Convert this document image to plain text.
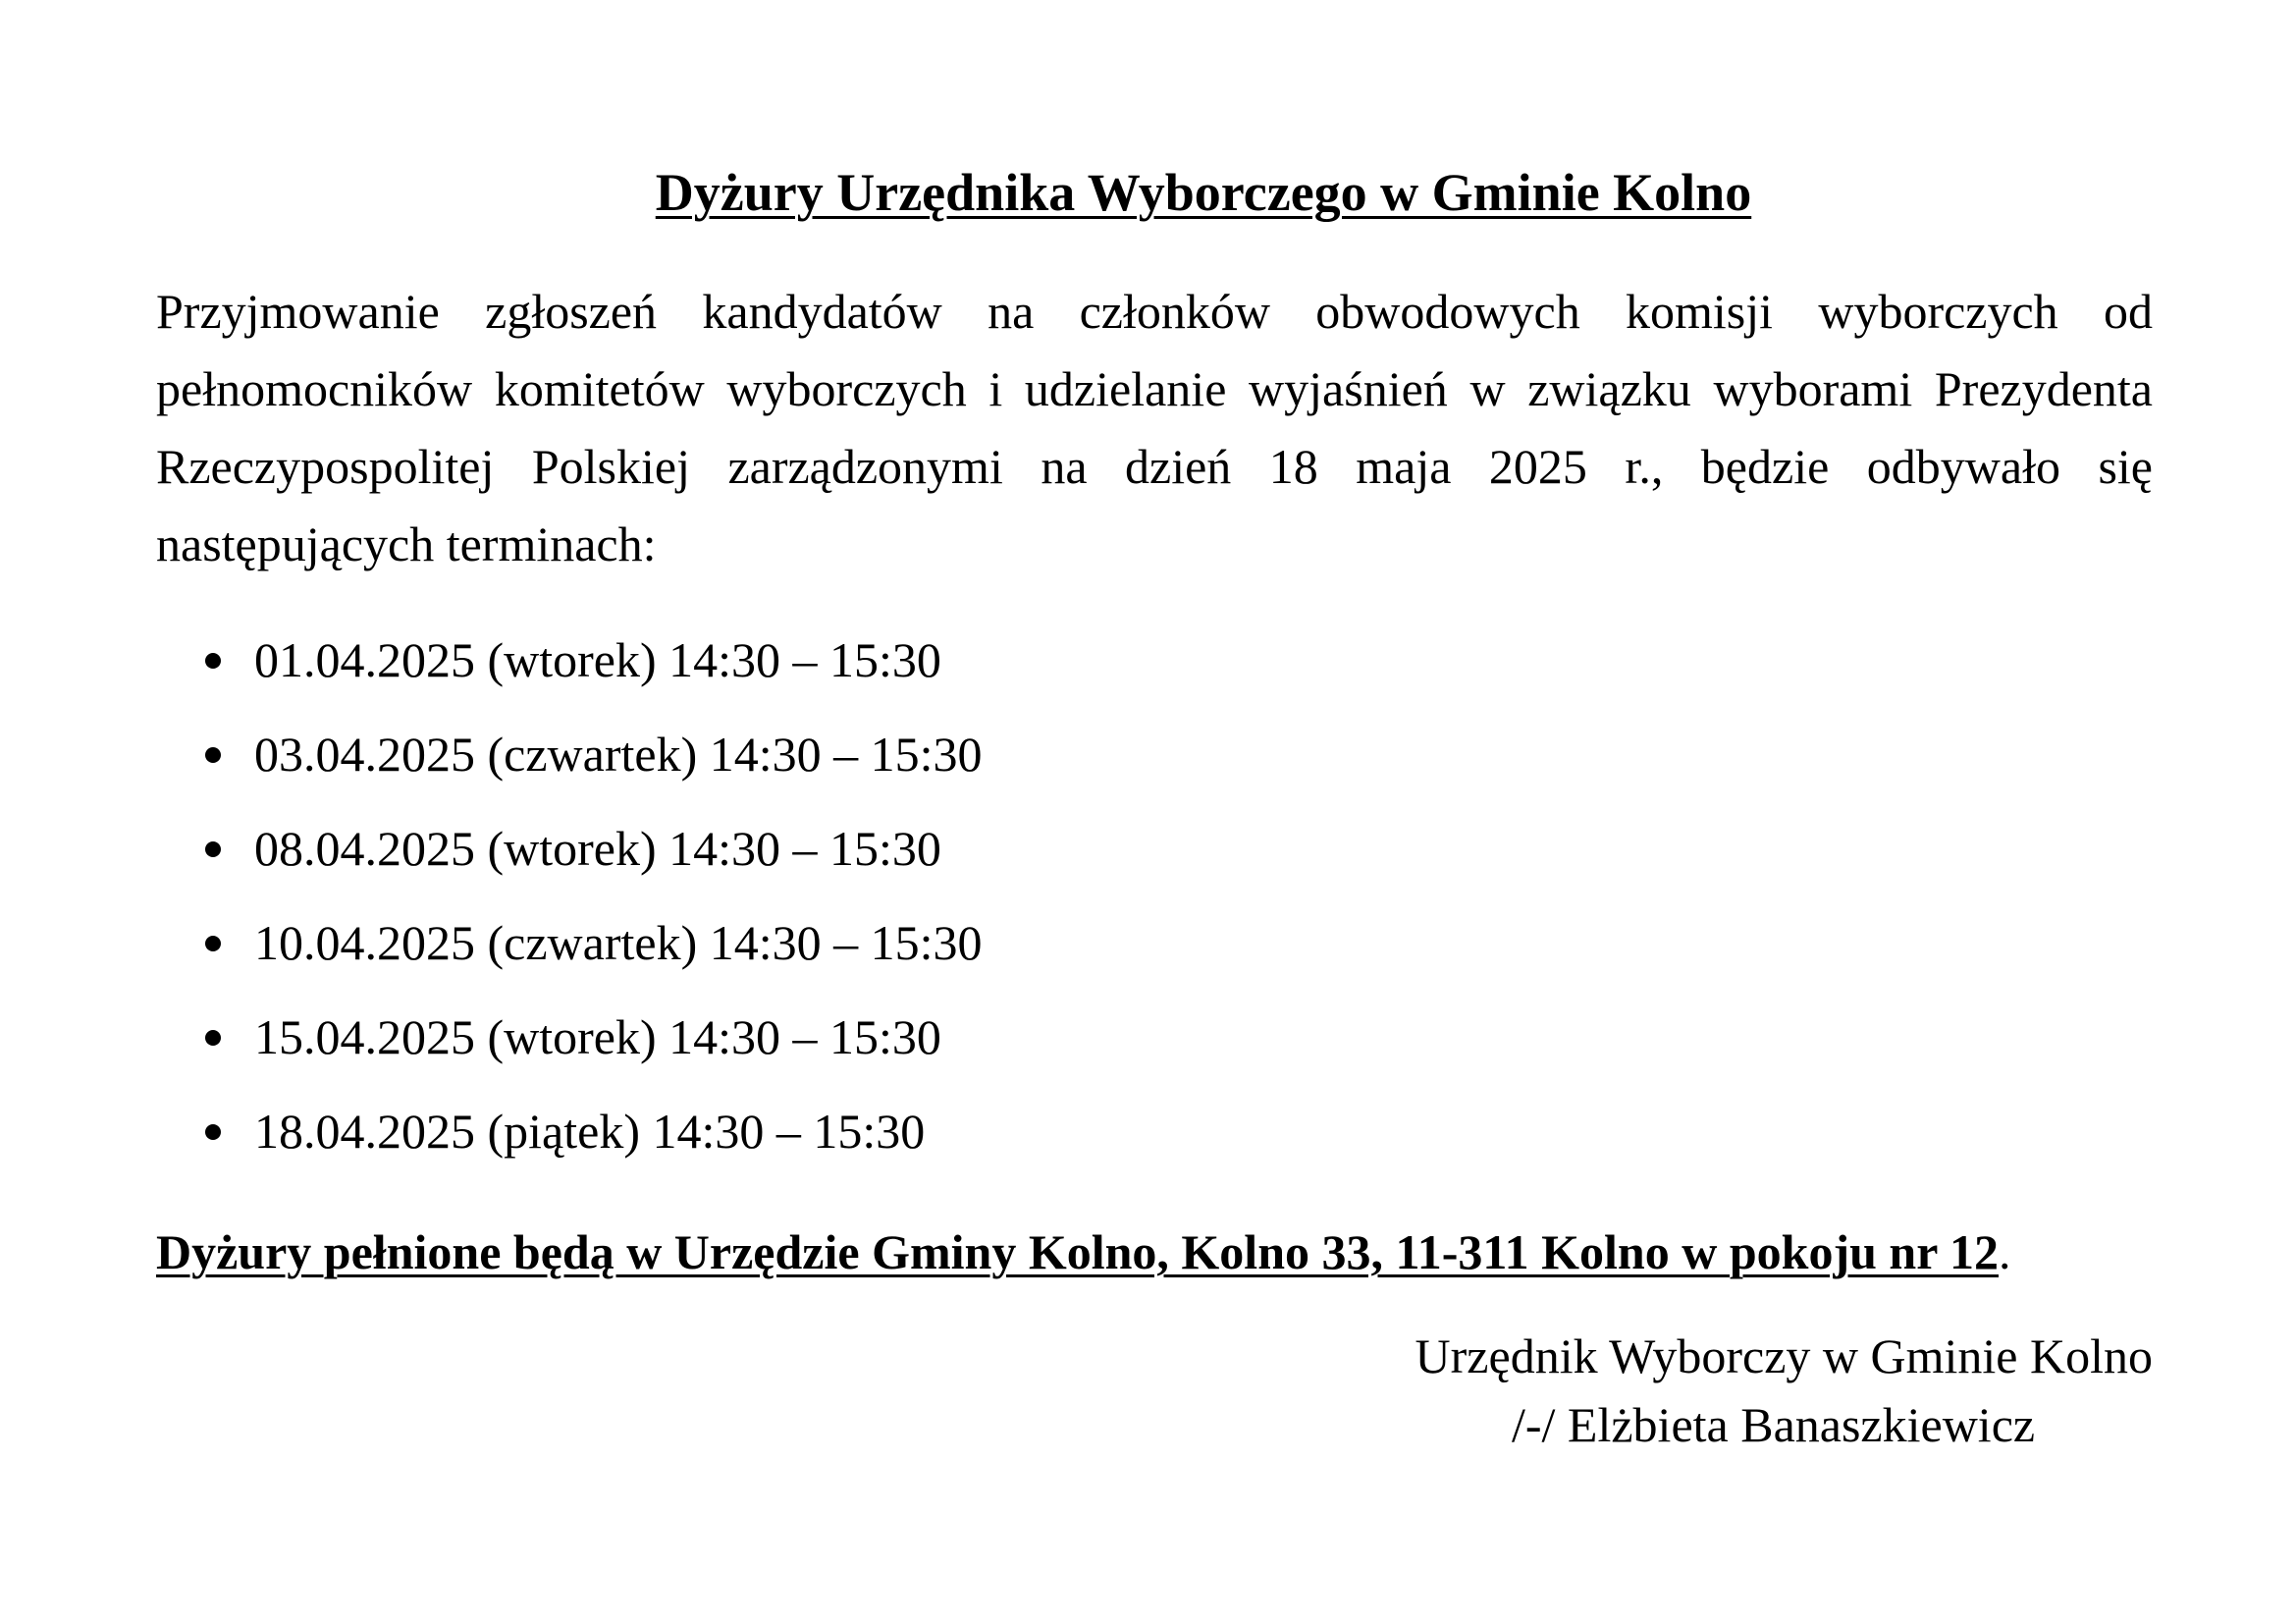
Dyżury Urzędnika Wyborczego w Gminie Kolno

Przyjmowanie zgłoszeń kandydatów na członków obwodowych komisji wyborczych od pełnomocników komitetów wyborczych i udzielanie wyjaśnień w związku wyborami Prezydenta Rzeczypospolitej Polskiej zarządzonymi na dzień 18 maja 2025 r., będzie odbywało się następujących terminach:

01.04.2025 (wtorek) 14:30 – 15:30
03.04.2025 (czwartek) 14:30 – 15:30
08.04.2025 (wtorek) 14:30 – 15:30
10.04.2025 (czwartek) 14:30 – 15:30
15.04.2025 (wtorek) 14:30 – 15:30
18.04.2025 (piątek) 14:30 – 15:30
Dyżury pełnione będą w Urzędzie Gminy Kolno, Kolno 33, 11-311 Kolno w pokoju nr 12.
Urzędnik Wyborczy w Gminie Kolno
/-/ Elżbieta Banaszkiewicz
